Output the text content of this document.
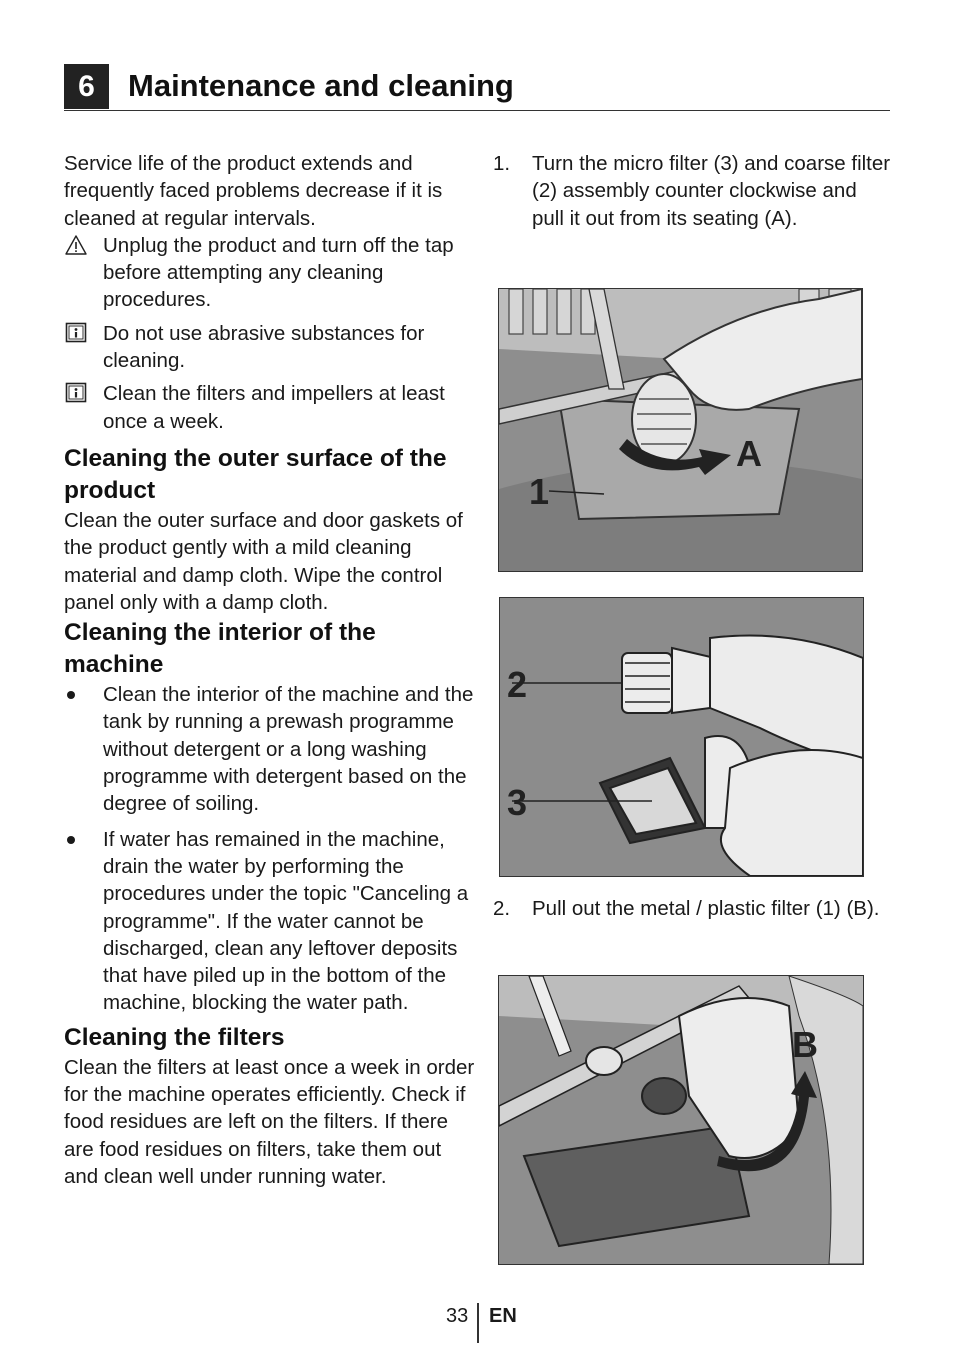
6	Maintenance and cleaning

Service life of the product extends and frequently faced problems decrease if it is cleaned at regular intervals.

Unplug the product and turn off the tap before attempting any cleaning procedures.

Do not use abrasive substances for cleaning.

Clean the filters and impellers at least once a week.

Cleaning the outer surface of the product

Clean the outer surface and door gaskets of the product gently with a mild cleaning material and damp cloth. Wipe the control panel only with a damp cloth.

Cleaning the interior of the machine

Clean the interior of the machine and the tank by running a prewash programme without detergent or a long washing programme with detergent based on the degree of soiling.

If water has remained in the machine, drain the water by performing the procedures under the topic "Canceling a programme". If the water cannot be discharged, clean any leftover deposits that have piled up in the bottom of the machine, blocking the water path.

Cleaning the filters

Clean the filters at least once a week in order for the machine operates efficiently. Check if food residues are left on the filters. If there are food residues on filters, take them out and clean well under running water.

1. Turn the micro filter (3) and coarse filter (2) assembly counter clockwise and pull it out from its seating (A).

2. Pull out the metal / plastic filter (1) (B).

1
A
2
3
B
33 EN
